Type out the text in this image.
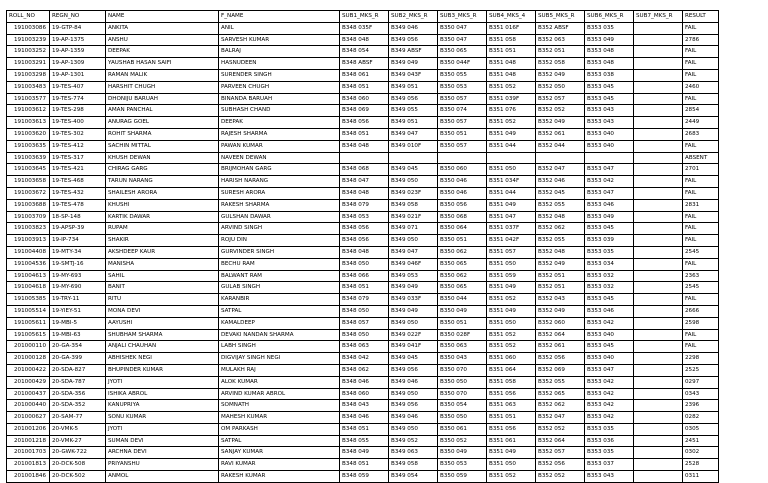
ROLL_NO	REGN_NO	NAME	F_NAME	SUB1_MKS_R	SUB2_MKS_R	SUB3_MKS_R	SUB4_MKS_4	SUB5_MKS_R	SUB6_MKS_R	SUB7_MKS_R	RESULT
191003086	19-GTP-84	ANKITA	ANIL	B348 035F	B349 046	B350 047	B351 016F	B352 ABSF	B353 035		FAIL
191003239	19-AP-1375	ANSHU	SARVESH KUMAR	B348 048	B349 056	B350 047	B351 058	B352 063	B353 049		2786
191003252	19-AP-1359	DEEPAK	BALRAJ	B348 054	B349 ABSF	B350 065	B351 051	B352 051	B353 048		FAIL
191003291	19-AP-1309	YAUSHAB HASAN SAIFI	HASNUDEEN	B348 ABSF	B349 049	B350 044F	B351 048	B352 058	B353 048		FAIL
191003298	19-AP-1301	RAMAN MALIK	SURENDER SINGH	B348 061	B349 043F	B350 055	B351 048	B352 049	B353 038		FAIL
191003483	19-TES-407	HARSHIT CHUGH	PARVEEN CHUGH	B348 051	B349 051	B350 053	B351 052	B352 050	B353 045		2460
191003577	19-TES-774	DHONIJU BARUAH	BINANDA BARUAH	B348 060	B349 056	B350 057	B351 039F	B352 057	B353 045		FAIL
191003612	19-TES-298	AMAN PANCHAL	SUBHASH CHAND	B348 069	B349 055	B350 074	B351 076	B352 052	B353 043		2854
191003613	19-TES-400	ANURAG GOEL	DEEPAK	B348 056	B349 051	B350 057	B351 052	B352 049	B353 043		2449
191003620	19-TES-302	ROHIT SHARMA	RAJESH SHARMA	B348 051	B349 047	B350 051	B351 049	B352 061	B353 040		2683
191003635	19-TES-412	SACHIN MITTAL	PAWAN KUMAR	B348 048	B349 010F	B350 057	B351 044	B352 044	B353 040		FAIL
191003639	19-TES-317	KHUSH DEWAN	NAVEEN DEWAN								ABSENT
191003645	19-TES-421	CHIRAG GARG	BRIJMOHAN GARG	B348 068	B349 045	B350 060	B351 050	B352 047	B353 047		2701
191003658	19-TES-468	TARUN NARANG	HARISH NARANG	B348 047	B349 050	B350 046	B351 034F	B352 046	B353 042		FAIL
191003672	19-TES-432	SHAILESH ARORA	SURESH ARORA	B348 048	B349 023F	B350 046	B351 044	B352 045	B353 047		FAIL
191003688	19-TES-478	KHUSHI	RAKESH SHARMA	B348 079	B349 058	B350 056	B351 049	B352 055	B353 046		2831
191003709	18-SP-148	KARTIK DAWAR	GULSHAN DAWAR	B348 053	B349 021F	B350 068	B351 047	B352 048	B353 049		FAIL
191003823	19-APSP-39	RUPAM	ARVIND SINGH	B348 056	B349 071	B350 064	B351 037F	B352 062	B353 045		FAIL
191003913	19-IP-734	SHAKIR	ROJU DIN	B348 056	B349 050	B350 051	B351 042F	B352 055	B353 039		FAIL
191004408	19-MTY-34	AKSHDEEP KAUR	GURVINDER SINGH	B348 048	B349 047	B350 062	B351 057	B352 048	B353 035		2545
191004536	19-SMTJ-16	MANISHA	BECHU RAM	B348 050	B349 046F	B350 065	B351 050	B352 049	B353 034		FAIL
191004613	19-MY-693	SAHIL	BALWANT RAM	B348 066	B349 053	B350 062	B351 059	B352 051	B353 032		2363
191004618	19-MY-690	BANIT	GULAB SINGH	B348 051	B349 049	B350 065	B351 049	B352 051	B353 032		2545
191005385	19-TRY-11	RITU	KARANBIR	B348 079	B349 033F	B350 044	B351 052	B352 043	B353 045		FAIL
191005514	19-YIEY-51	MONA DEVI	SATPAL	B348 050	B349 049	B350 049	B351 049	B352 049	B353 046		2666
191005611	19-MBI-5	AAYUSHI	KAMALDEEP	B348 057	B349 050	B350 051	B351 050	B352 060	B353 042		2598
191005615	19-MBI-63	SHUBHAM SHARMA	DEVAKI NANDAN SHARMA	B348 050	B349 022F	B350 028F	B351 052	B352 064	B353 040		FAIL
201000110	20-GA-354	ANJALI CHAUHAN	LABH SINGH	B348 063	B349 041F	B350 063	B351 052	B352 061	B353 045		FAIL
201000128	20-GA-399	ABHISHEK NEGI	DIGVIJAY SINGH NEGI	B348 042	B349 045	B350 043	B351 060	B352 056	B353 040		2298
201000422	20-SDA-827	BHUPINDER KUMAR	MULAKH RAJ	B348 062	B349 056	B350 070	B351 064	B352 069	B353 047		2525
201000429	20-SDA-787	JYOTI	ALOK KUMAR	B348 046	B349 046	B350 050	B351 058	B352 055	B353 042		0297
201000437	20-SDA-356	ISHIKA ABROL	ARVIND KUMAR ABROL	B348 060	B349 050	B350 070	B351 056	B352 065	B353 042		0343
201000440	20-SDA-352	KANUPRIYA	SOMNATH	B348 043	B349 056	B350 054	B351 063	B352 062	B353 042		2396
201000627	20-SAM-77	SONU KUMAR	MAHESH KUMAR	B348 046	B349 046	B350 050	B351 051	B352 047	B353 042		0282
201001206	20-VMK-5	JYOTI	OM PARKASH	B348 051	B349 050	B350 061	B351 056	B352 052	B353 035		0305
201001218	20-VMK-27	SUMAN DEVI	SATPAL	B348 055	B349 052	B350 052	B351 061	B352 064	B353 036		2451
201001703	20-GWK-722	ARCHNA DEVI	SANJAY KUMAR	B348 049	B349 063	B350 049	B351 049	B352 057	B353 035		0302
201001813	20-DCK-508	PRIYANSHU	RAVI KUMAR	B348 051	B349 058	B350 053	B351 050	B352 056	B353 037		2528
201001846	20-DCK-502	ANMOL	RAKESH KUMAR	B348 059	B349 054	B350 059	B351 052	B352 052	B353 043		0311
